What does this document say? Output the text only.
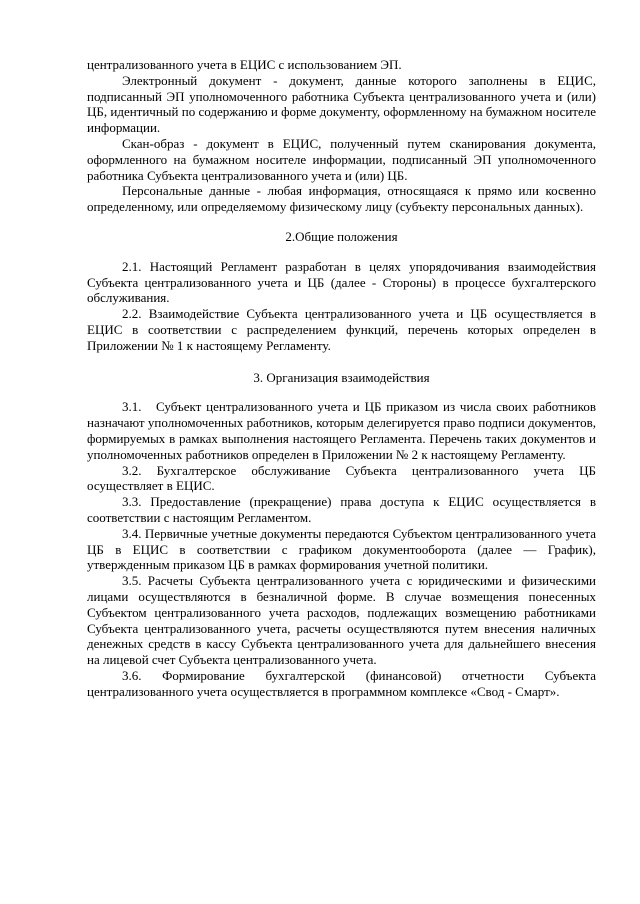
централизованного учета в ЕЦИС с использованием ЭП.

Электронный документ - документ, данные которого заполнены в ЕЦИС, подписанный ЭП уполномоченного работника Субъекта централизованного учета и (или) ЦБ, идентичный по содержанию и форме документу, оформленному на бумажном носителе информации.

Скан-образ - документ в ЕЦИС, полученный путем сканирования документа, оформленного на бумажном носителе информации, подписанный ЭП уполномоченного работника Субъекта централизованного учета и (или) ЦБ.

Персональные данные - любая информация, относящаяся к прямо или косвенно определенному, или определяемому физическому лицу (субъекту персональных данных).

2.Общие положения

2.1. Настоящий Регламент разработан в целях упорядочивания взаимодействия Субъекта централизованного учета и ЦБ (далее - Стороны) в процессе бухгалтерского обслуживания.

2.2. Взаимодействие Субъекта централизованного учета и ЦБ осуществляется в ЕЦИС в соответствии с распределением функций, перечень которых определен в Приложении № 1 к настоящему Регламенту.

3. Организация взаимодействия

3.1.   Субъект централизованного учета и ЦБ приказом из числа своих работников назначают уполномоченных работников, которым делегируется право подписи документов, формируемых в рамках выполнения настоящего Регламента. Перечень таких документов и уполномоченных работников определен в Приложении № 2 к настоящему Регламенту.

3.2. Бухгалтерское обслуживание Субъекта централизованного учета ЦБ осуществляет в ЕЦИС.

3.3. Предоставление (прекращение) права доступа к ЕЦИС осуществляется в соответствии с настоящим Регламентом.

3.4. Первичные учетные документы передаются Субъектом централизованного учета ЦБ в ЕЦИС в соответствии с графиком документооборота (далее — График), утвержденным приказом ЦБ в рамках формирования учетной политики.

3.5. Расчеты Субъекта централизованного учета с юридическими и физическими лицами осуществляются в безналичной форме. В случае возмещения понесенных Субъектом централизованного учета расходов, подлежащих возмещению работниками Субъекта централизованного учета, расчеты осуществляются путем внесения наличных денежных средств в кассу Субъекта централизованного учета для дальнейшего внесения на лицевой счет Субъекта централизованного учета.

3.6. Формирование бухгалтерской (финансовой) отчетности Субъекта централизованного учета осуществляется в программном комплексе «Свод - Смарт».
